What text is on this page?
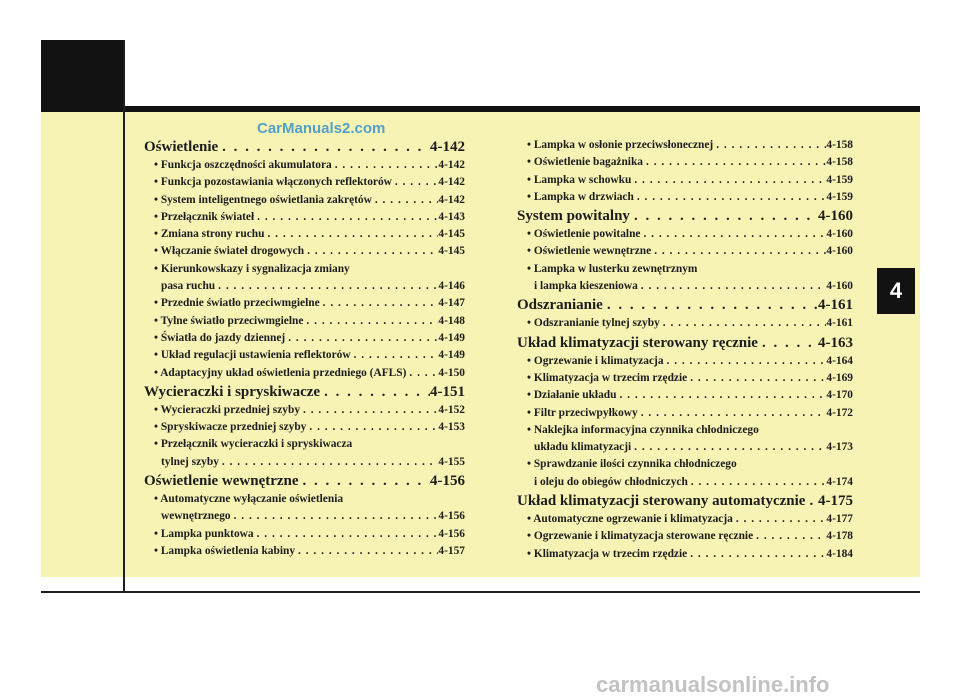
4
CarManuals2.com
carmanualsonline.info
Oświetlenie . . .	4-142
• Funkcja oszczędności akumulatora . . .	4-142
• Funkcja pozostawiania włączonych reflektorów . . .	4-142
• System inteligentnego oświetlania zakrętów . . .	4-142
• Przełącznik świateł . . .	4-143
• Zmiana strony ruchu . . .	4-145
• Włączanie świateł drogowych . . .	4-145
• Kierunkowskazy i sygnalizacja zmiany
pasa ruchu . . .	4-146
• Przednie światło przeciwmgielne . . .	4-147
• Tylne światło przeciwmgielne . . .	4-148
• Światła do jazdy dziennej . . .	4-149
• Układ regulacji ustawienia reflektorów . . .	4-149
• Adaptacyjny układ oświetlenia przedniego (AFLS) . . .	4-150
Wycieraczki i spryskiwacze . . .	4-151
• Wycieraczki przedniej szyby . . .	4-152
• Spryskiwacze przedniej szyby . . .	4-153
• Przełącznik wycieraczki i spryskiwacza
tylnej szyby . . .	4-155
Oświetlenie wewnętrzne . . .	4-156
• Automatyczne wyłączanie oświetlenia
wewnętrznego . . .	4-156
• Lampka punktowa . . .	4-156
• Lampka oświetlenia kabiny . . .	4-157
• Lampka w osłonie przeciwsłonecznej . . .	4-158
• Oświetlenie bagażnika . . .	4-158
• Lampka w schowku . . .	4-159
• Lampka w drzwiach . . .	4-159
System powitalny . . .	4-160
• Oświetlenie powitalne . . .	4-160
• Oświetlenie wewnętrzne . . .	4-160
• Lampka w lusterku zewnętrznym
i lampka kieszeniowa . . .	4-160
Odszranianie . . .	4-161
• Odszranianie tylnej szyby . . .	4-161
Układ klimatyzacji sterowany ręcznie . . .	4-163
• Ogrzewanie i klimatyzacja . . .	4-164
• Klimatyzacja w trzecim rzędzie . . .	4-169
• Działanie układu . . .	4-170
• Filtr przeciwpyłkowy . . .	4-172
• Naklejka informacyjna czynnika chłodniczego
układu klimatyzacji . . .	4-173
• Sprawdzanie ilości czynnika chłodniczego
i oleju do obiegów chłodniczych . . .	4-174
Układ klimatyzacji sterowany automatycznie . . . 4-175
• Automatyczne ogrzewanie i klimatyzacja . . .	4-177
• Ogrzewanie i klimatyzacja sterowane ręcznie . . .	4-178
• Klimatyzacja w trzecim rzędzie . . .	4-184
